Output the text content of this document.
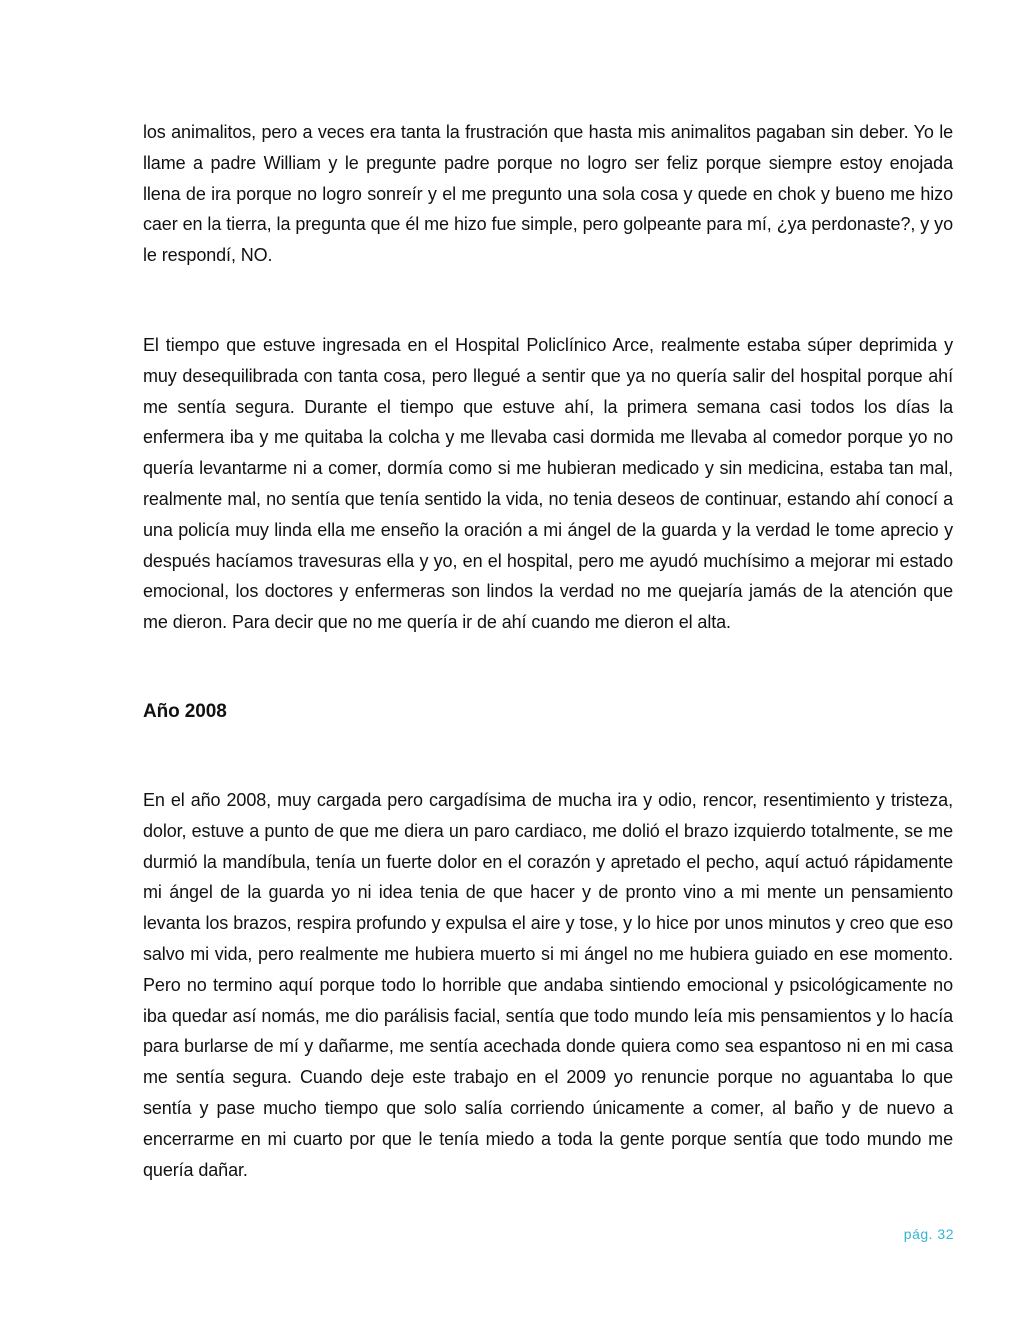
los animalitos, pero a veces era tanta la frustración que hasta mis animalitos pagaban sin deber. Yo le llame a padre William y le pregunte padre porque no logro ser feliz porque siempre estoy enojada llena de ira porque no logro sonreír y el me pregunto una sola cosa y quede en chok y bueno me hizo caer en la tierra, la pregunta que él me hizo fue simple, pero golpeante para mí, ¿ya perdonaste?, y yo le respondí, NO.

El tiempo que estuve ingresada en el Hospital Policlínico Arce, realmente estaba súper deprimida y muy desequilibrada con tanta cosa, pero llegué a sentir que ya no quería salir del hospital porque ahí me sentía segura. Durante el tiempo que estuve ahí, la primera semana casi todos los días la enfermera iba y me quitaba la colcha y me llevaba casi dormida me llevaba al comedor porque yo no quería levantarme ni a comer, dormía como si me hubieran medicado y sin medicina, estaba tan mal, realmente mal, no sentía que tenía sentido la vida, no tenia deseos de continuar, estando ahí conocí a una policía muy linda ella me enseño la oración a mi ángel de la guarda y la verdad le tome aprecio y después hacíamos travesuras ella y yo, en el hospital, pero me ayudó muchísimo a mejorar mi estado emocional, los doctores y enfermeras son lindos la verdad no me quejaría jamás de la atención que me dieron. Para decir que no me quería ir de ahí cuando me dieron el alta.

Año 2008

En el año 2008, muy cargada pero cargadísima de mucha ira y odio, rencor, resentimiento y tristeza, dolor, estuve a punto de que me diera un paro cardiaco, me dolió el brazo izquierdo totalmente, se me durmió la mandíbula, tenía un fuerte dolor en el corazón y apretado el pecho, aquí actuó rápidamente mi ángel de la guarda yo ni idea tenia de que hacer y de pronto vino a mi mente un pensamiento levanta los brazos, respira profundo y expulsa el aire y tose, y lo hice por unos minutos y creo que eso salvo mi vida, pero realmente me hubiera muerto si mi ángel no me hubiera guiado en ese momento. Pero no termino aquí porque todo lo horrible que andaba sintiendo emocional y psicológicamente no iba quedar así nomás, me dio parálisis facial, sentía que todo mundo leía mis pensamientos y lo hacía para burlarse de mí y dañarme, me sentía acechada donde quiera como sea espantoso ni en mi casa me sentía segura. Cuando deje este trabajo en el 2009 yo renuncie porque no aguantaba lo que sentía y pase mucho tiempo que solo salía corriendo únicamente a comer, al baño y de nuevo a encerrarme en mi cuarto por que le tenía miedo a toda la gente porque sentía que todo mundo me quería dañar.

pág. 32
